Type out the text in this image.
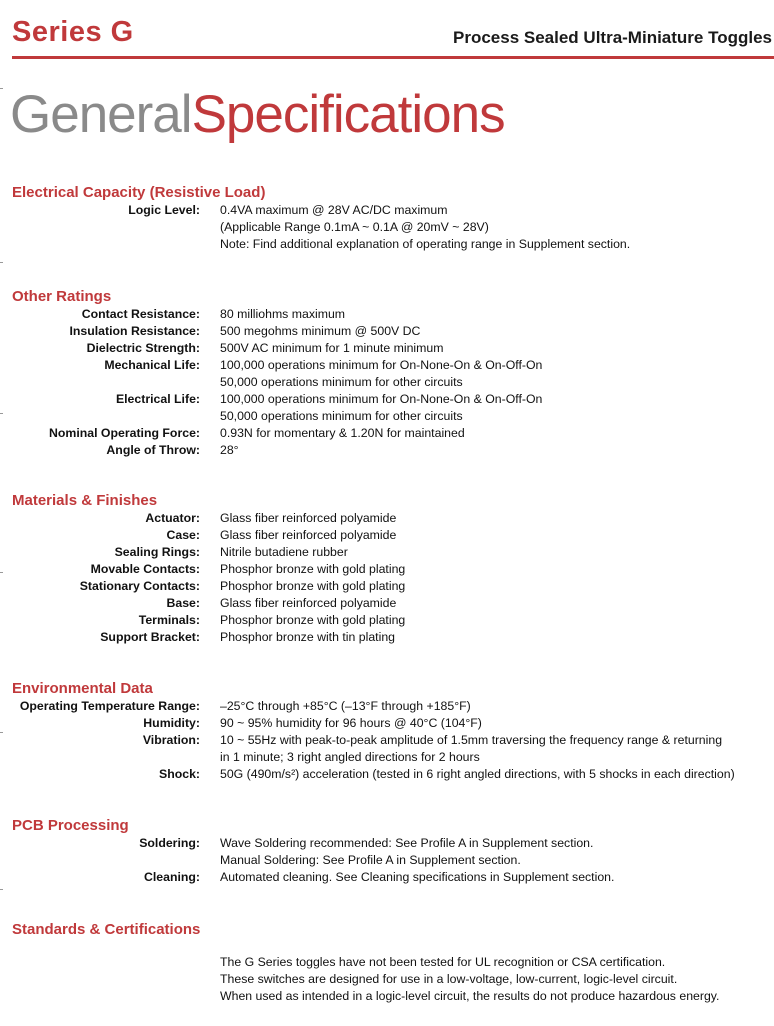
Series G	Process Sealed Ultra-Miniature Toggles
GeneralSpecifications
Electrical Capacity (Resistive Load)
Logic Level: 0.4VA maximum @ 28V AC/DC maximum
(Applicable Range 0.1mA ~ 0.1A @ 20mV ~ 28V)
Note: Find additional explanation of operating range in Supplement section.
Other Ratings
Contact Resistance: 80 milliohms maximum
Insulation Resistance: 500 megohms minimum @ 500V DC
Dielectric Strength: 500V AC minimum for 1 minute minimum
Mechanical Life: 100,000 operations minimum for On-None-On & On-Off-On
50,000 operations minimum for other circuits
Electrical Life: 100,000 operations minimum for On-None-On & On-Off-On
50,000 operations minimum for other circuits
Nominal Operating Force: 0.93N for momentary & 1.20N for maintained
Angle of Throw: 28°
Materials & Finishes
Actuator: Glass fiber reinforced polyamide
Case: Glass fiber reinforced polyamide
Sealing Rings: Nitrile butadiene rubber
Movable Contacts: Phosphor bronze with gold plating
Stationary Contacts: Phosphor bronze with gold plating
Base: Glass fiber reinforced polyamide
Terminals: Phosphor bronze with gold plating
Support Bracket: Phosphor bronze with tin plating
Environmental Data
Operating Temperature Range: –25°C through +85°C (–13°F through +185°F)
Humidity: 90 ~ 95% humidity for 96 hours @ 40°C (104°F)
Vibration: 10 ~ 55Hz with peak-to-peak amplitude of 1.5mm traversing the frequency range & returning
in 1 minute; 3 right angled directions for 2 hours
Shock: 50G (490m/s²) acceleration (tested in 6 right angled directions, with 5 shocks in each direction)
PCB Processing
Soldering: Wave Soldering recommended: See Profile A in Supplement section.
Manual Soldering: See Profile A in Supplement section.
Cleaning: Automated cleaning. See Cleaning specifications in Supplement section.
Standards & Certifications
The G Series toggles have not been tested for UL recognition or CSA certification.
These switches are designed for use in a low-voltage, low-current, logic-level circuit.
When used as intended in a logic-level circuit, the results do not produce hazardous energy.
